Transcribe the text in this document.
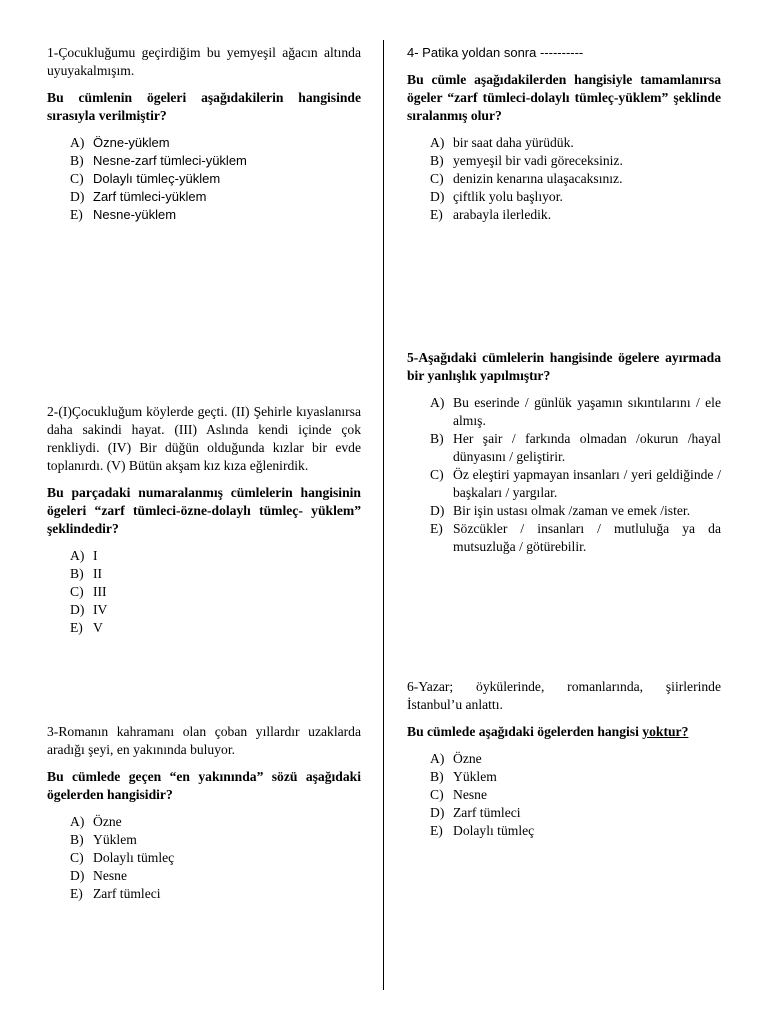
1-Çocukluğumu geçirdiğim bu yemyeşil ağacın altında uyuyakalmışım.

Bu cümlenin ögeleri aşağıdakilerin hangisinde sırasıyla verilmiştir?

A) Özne-yüklem
B) Nesne-zarf tümleci-yüklem
C) Dolaylı tümleç-yüklem
D) Zarf tümleci-yüklem
E) Nesne-yüklem

2-(I)Çocukluğum köylerde geçti. (II) Şehirle kıyaslanırsa daha sakindi hayat. (III) Aslında kendi içinde çok renkliydi. (IV) Bir düğün olduğunda kızlar bir evde toplanırdı. (V) Bütün akşam kız kıza eğlenirdik.

Bu parçadaki numaralanmış cümlelerin hangisinin ögeleri “zarf tümleci-özne-dolaylı tümleç- yüklem” şeklindedir?

A) I
B) II
C) III
D) IV
E) V

3-Romanın kahramanı olan çoban yıllardır uzaklarda aradığı şeyi, en yakınında buluyor.

Bu cümlede geçen “en yakınında” sözü aşağıdaki ögelerden hangisidir?

A) Özne
B) Yüklem
C) Dolaylı tümleç
D) Nesne
E) Zarf tümleci

4- Patika yoldan sonra ----------

Bu cümle aşağıdakilerden hangisiyle tamamlanırsa ögeler “zarf tümleci-dolaylı tümleç-yüklem” şeklinde sıralanmış olur?

A) bir saat daha yürüdük.
B) yemyeşil bir vadi göreceksiniz.
C) denizin kenarına ulaşacaksınız.
D) çiftlik yolu başlıyor.
E) arabayla ilerledik.

5-Aşağıdaki cümlelerin hangisinde ögelere ayırmada bir yanlışlık yapılmıştır?

A) Bu eserinde / günlük yaşamın sıkıntılarını / ele almış.
B) Her şair / farkında olmadan /okurun /hayal dünyasını / geliştirir.
C) Öz eleştiri yapmayan insanları / yeri geldiğinde / başkaları / yargılar.
D) Bir işin ustası olmak /zaman ve emek /ister.
E) Sözcükler / insanları / mutluluğa ya da mutsuzluğa / götürebilir.

6-Yazar; öykülerinde, romanlarında, şiirlerinde İstanbul’u anlattı.

Bu cümlede aşağıdaki ögelerden hangisi yoktur?

A) Özne
B) Yüklem
C) Nesne
D) Zarf tümleci
E) Dolaylı tümleç
